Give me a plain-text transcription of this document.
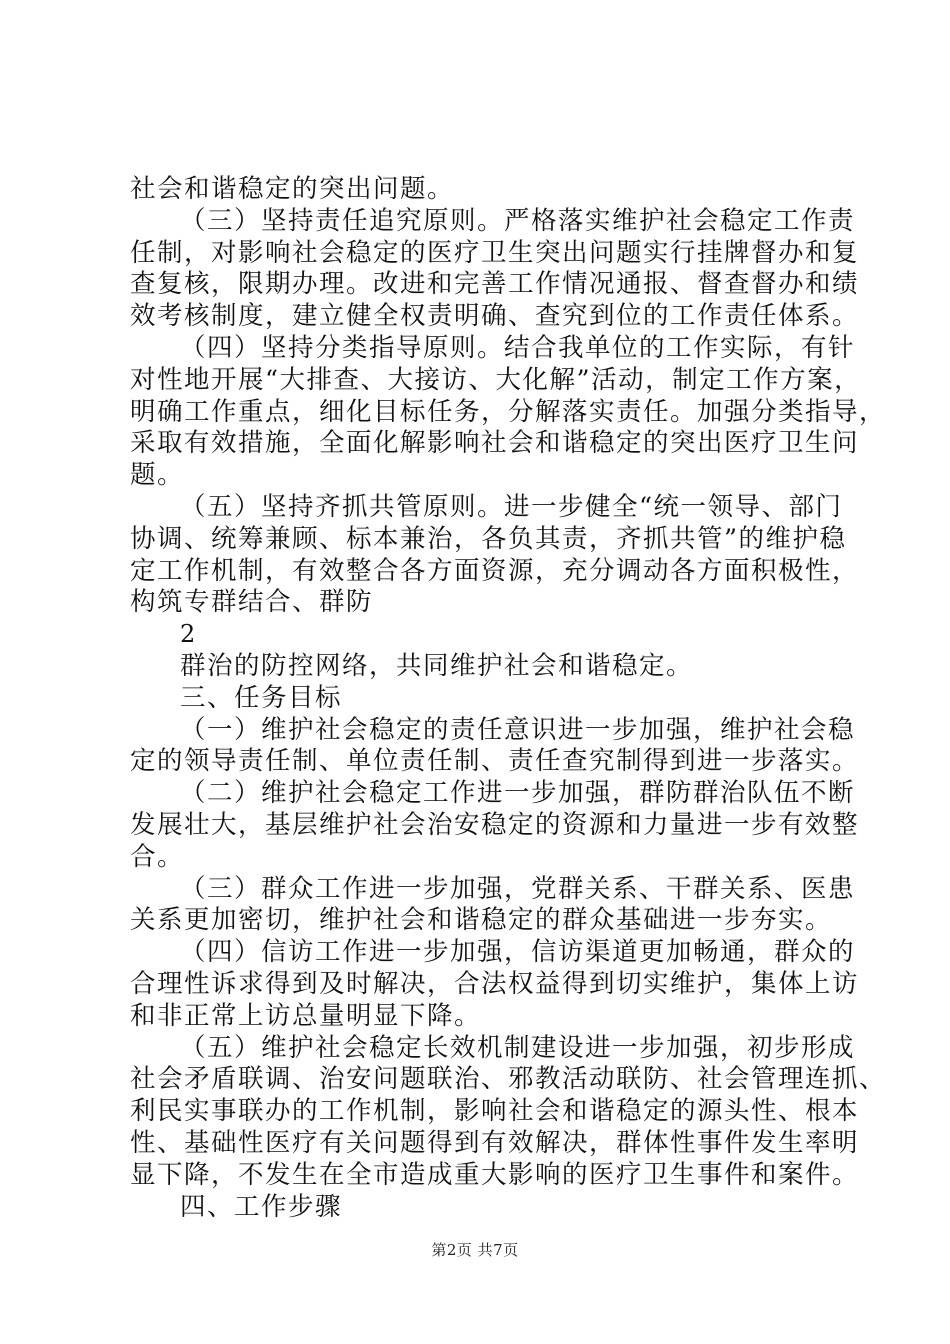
社会和谐稳定的突出问题。
（三）坚持责任追究原则。严格落实维护社会稳定工作责
任制，对影响社会稳定的医疗卫生突出问题实行挂牌督办和复
查复核，限期办理。改进和完善工作情况通报、督查督办和绩
效考核制度，建立健全权责明确、查究到位的工作责任体系。
（四）坚持分类指导原则。结合我单位的工作实际，有针
对性地开展“大排查、大接访、大化解”活动，制定工作方案，
明确工作重点，细化目标任务，分解落实责任。加强分类指导，
采取有效措施，全面化解影响社会和谐稳定的突出医疗卫生问
题。
（五）坚持齐抓共管原则。进一步健全“统一领导、部门
协调、统筹兼顾、标本兼治，各负其责，齐抓共管”的维护稳
定工作机制，有效整合各方面资源，充分调动各方面积极性，
构筑专群结合、群防
2
群治的防控网络，共同维护社会和谐稳定。
三、任务目标
（一）维护社会稳定的责任意识进一步加强，维护社会稳
定的领导责任制、单位责任制、责任查究制得到进一步落实。
（二）维护社会稳定工作进一步加强，群防群治队伍不断
发展壮大，基层维护社会治安稳定的资源和力量进一步有效整
合。
（三）群众工作进一步加强，党群关系、干群关系、医患
关系更加密切，维护社会和谐稳定的群众基础进一步夯实。
（四）信访工作进一步加强，信访渠道更加畅通，群众的
合理性诉求得到及时解决，合法权益得到切实维护，集体上访
和非正常上访总量明显下降。
（五）维护社会稳定长效机制建设进一步加强，初步形成
社会矛盾联调、治安问题联治、邪教活动联防、社会管理连抓、
利民实事联办的工作机制，影响社会和谐稳定的源头性、根本
性、基础性医疗有关问题得到有效解决，群体性事件发生率明
显下降，不发生在全市造成重大影响的医疗卫生事件和案件。
四、工作步骤
第2页 共7页
